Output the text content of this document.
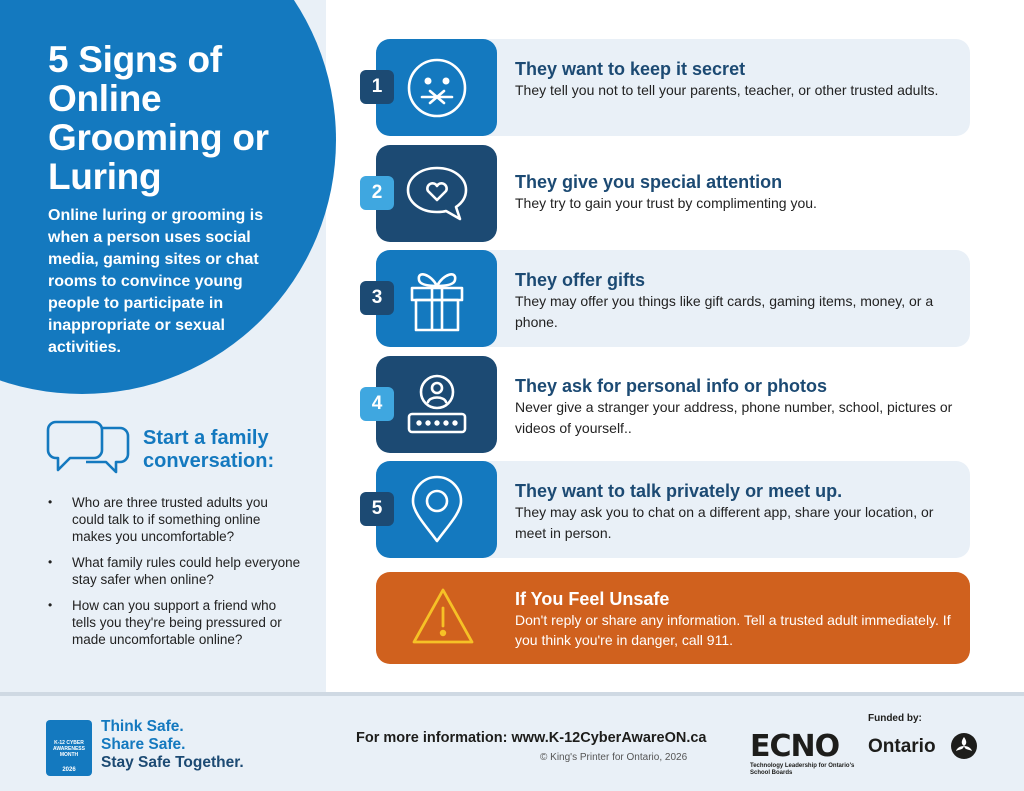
5 Signs of Online Grooming or Luring

Online luring or grooming is when a person uses social media, gaming sites or chat rooms to convince young people to participate in inappropriate or sexual activities.

Start a family conversation:
• Who are three trusted adults you could talk to if something online makes you uncomfortable?
• What family rules could help everyone stay safer when online?
• How can you support a friend who tells you they're being pressured or made uncomfortable online?
1
They want to keep it secret
They tell you not to tell your parents, teacher, or other trusted adults.
2	They give you special attention
They try to gain your trust by complimenting you.
3
They offer gifts
They may offer you things like gift cards, gaming items, money, or a phone.
4
They ask for personal info or photos
Never give a stranger your address, phone number, school, pictures or videos of yourself..
5
They want to talk privately or meet up.
They may ask you to chat on a different app, share your location, or meet in person.
If You Feel Unsafe
Don't reply or share any information. Tell a trusted adult immediately. If you think you're in danger, call 911.
K-12 CYBER AWARENESS MONTH
2026
Think Safe.
Share Safe.
Stay Safe Together.
For more information: www.K-12CyberAwareON.ca
© King's Printer for Ontario, 2026 ECNO
Technology Leadership for Ontario's School Boards
Funded by:
Ontario
